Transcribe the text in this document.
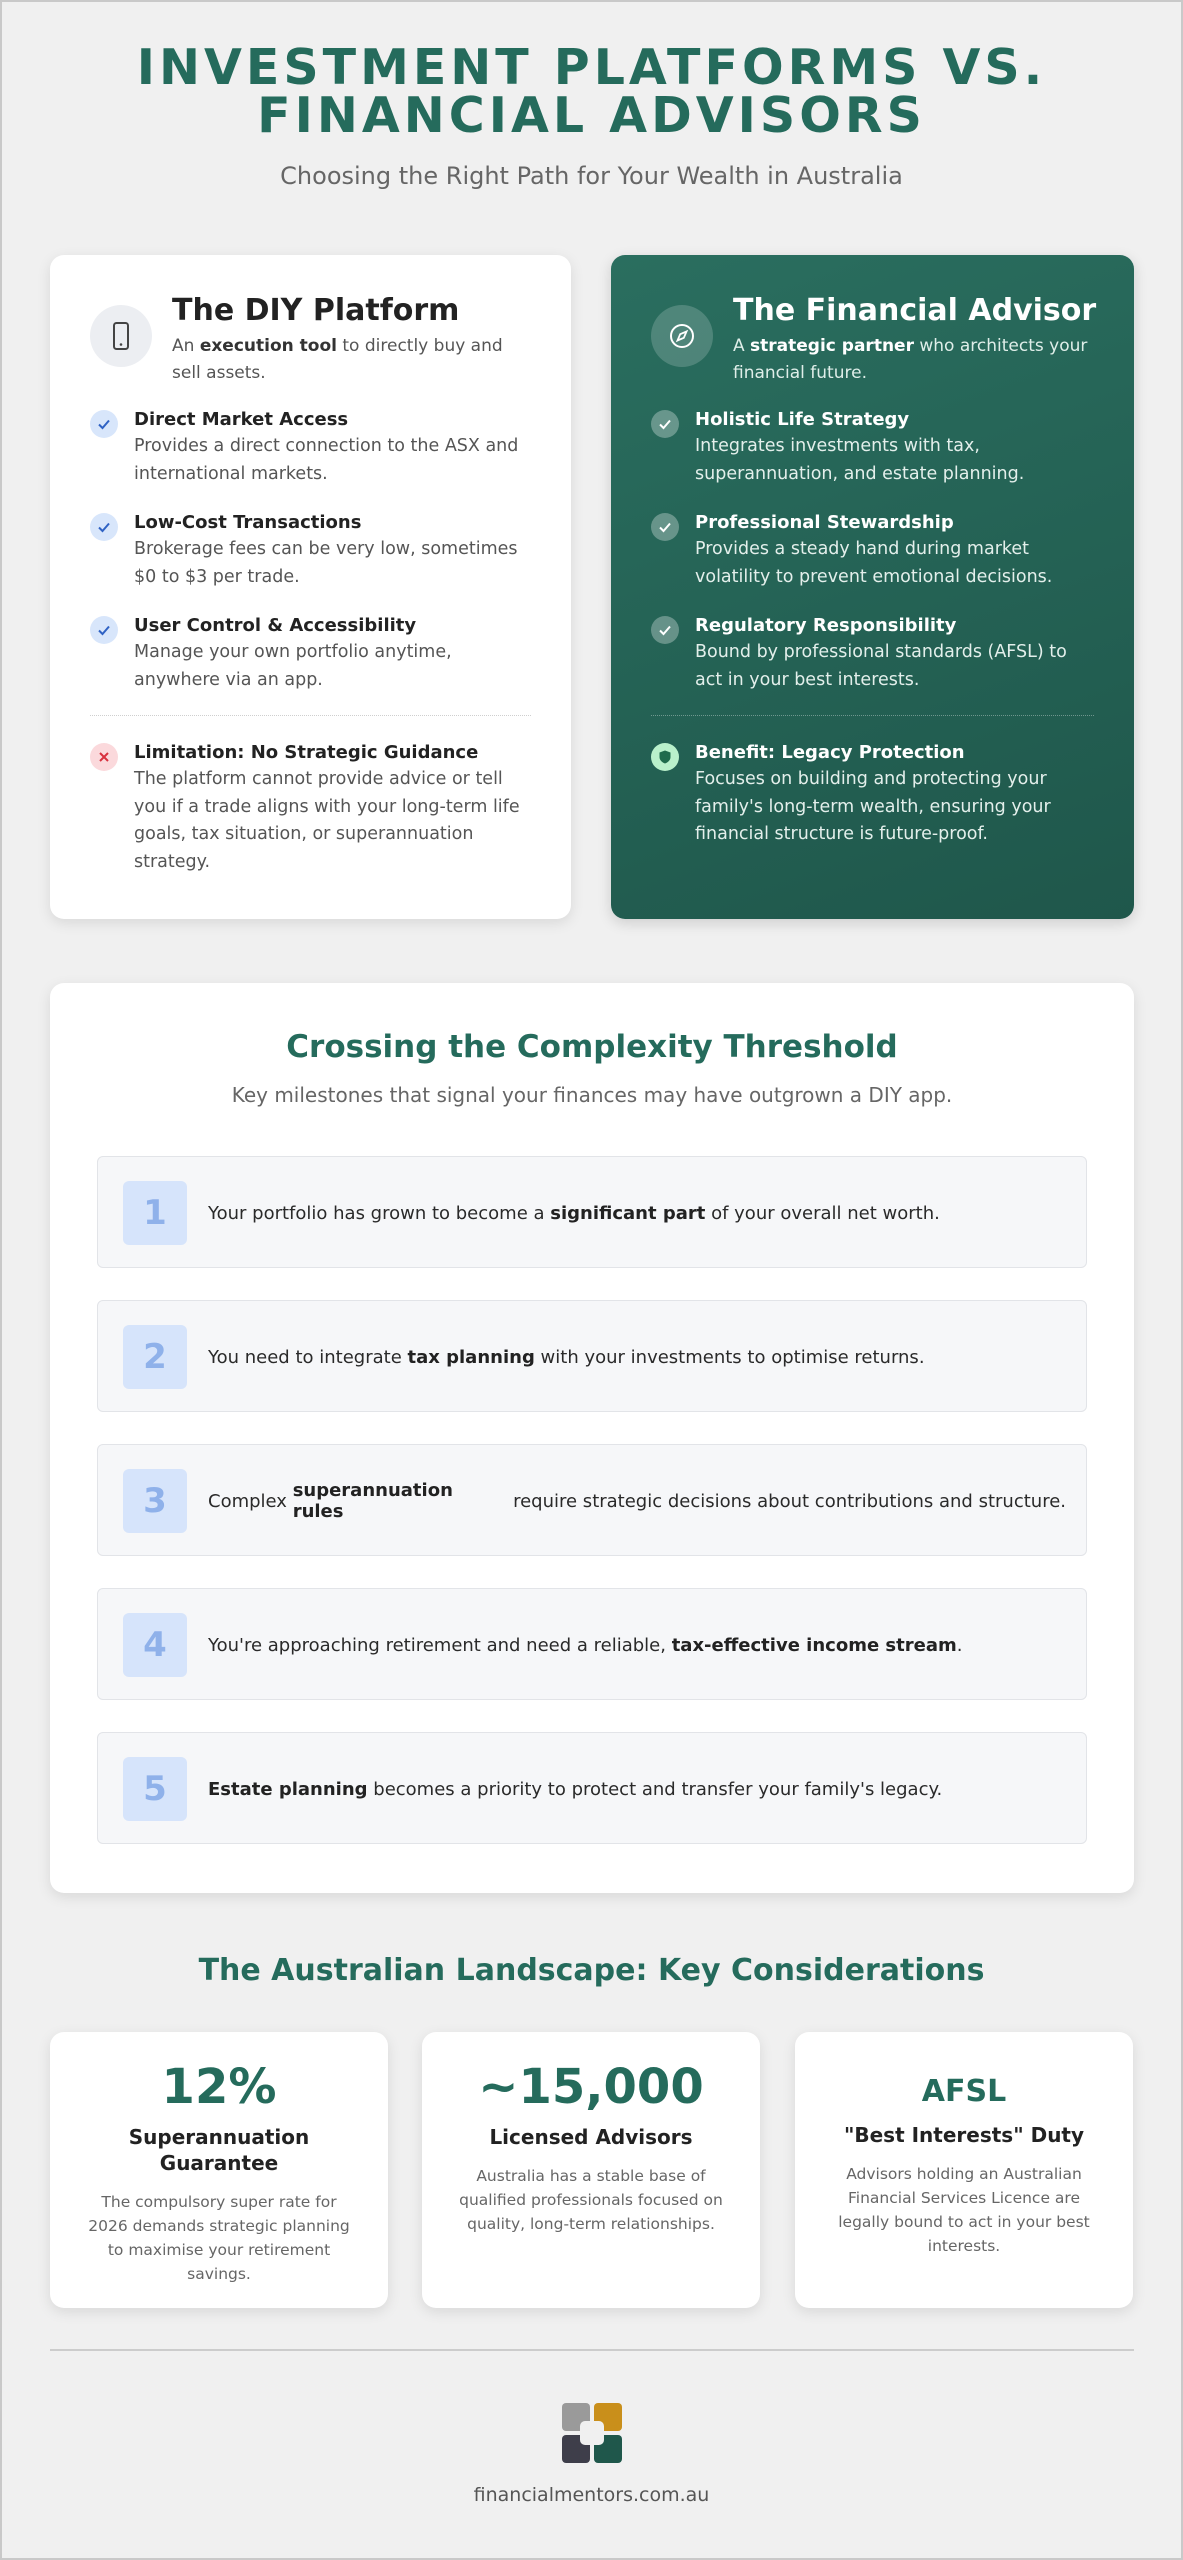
INVESTMENT PLATFORMS VS.
FINANCIAL ADVISORS
Choosing the Right Path for Your Wealth in Australia
The DIY Platform
An execution tool to directly buy and sell assets.
Direct Market Access
Provides a direct connection to the ASX and international markets.
Low-Cost Transactions
Brokerage fees can be very low, sometimes $0 to $3 per trade.
User Control & Accessibility
Manage your own portfolio anytime, anywhere via an app.
Limitation: No Strategic Guidance
The platform cannot provide advice or tell you if a trade aligns with your long-term life goals, tax situation, or superannuation strategy.
The Financial Advisor
A strategic partner who architects your financial future.
Holistic Life Strategy
Integrates investments with tax, superannuation, and estate planning.
Professional Stewardship
Provides a steady hand during market volatility to prevent emotional decisions.
Regulatory Responsibility
Bound by professional standards (AFSL) to act in your best interests.
Benefit: Legacy Protection
Focuses on building and protecting your family's long-term wealth, ensuring your financial structure is future-proof.
Crossing the Complexity Threshold
Key milestones that signal your finances may have outgrown a DIY app.
1	Your portfolio has grown to become a significant part of your overall net worth.
2	You need to integrate tax planning with your investments to optimise returns.
3	Complex superannuation rules	require strategic decisions about contributions and structure.
4	You're approaching retirement and need a reliable, tax-effective income stream .
5	Estate planning becomes a priority to protect and transfer your family's legacy.
The Australian Landscape: Key Considerations
12%
Superannuation Guarantee
The compulsory super rate for 2026 demands strategic planning to maximise your retirement savings.
~15,000
Licensed Advisors
Australia has a stable base of qualified professionals focused on quality, long-term relationships.
AFSL
"Best Interests" Duty
Advisors holding an Australian Financial Services Licence are legally bound to act in your best interests.
financialmentors.com.au
